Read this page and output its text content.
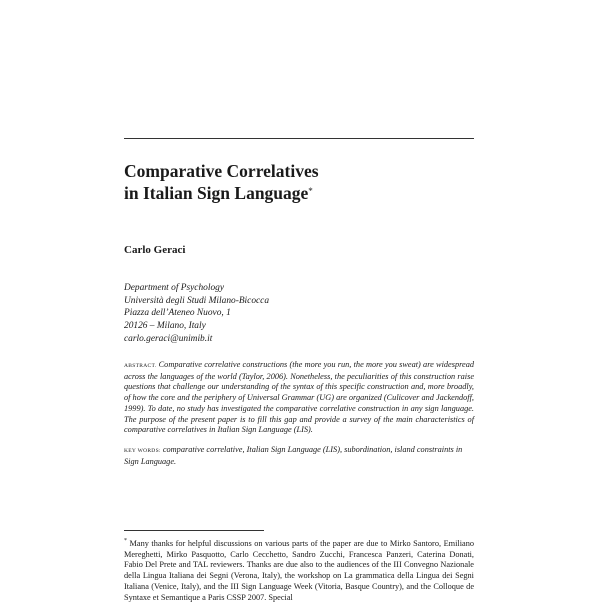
Comparative Correlatives
in Italian Sign Language*
Carlo Geraci
Department of Psychology
Università degli Studi Milano-Bicocca
Piazza dell’Ateneo Nuovo, 1
20126 – Milano, Italy
carlo.geraci@unimib.it
ABSTRACT. Comparative correlative constructions (the more you run, the more you sweat) are widespread across the languages of the world (Taylor, 2006). Nonetheless, the peculiarities of this construction raise questions that challenge our understanding of the syntax of this specific construction and, more broadly, of how the core and the periphery of Universal Grammar (UG) are organized (Culicover and Jackendoff, 1999). To date, no study has investigated the comparative correlative construction in any sign language. The purpose of the present paper is to fill this gap and provide a survey of the main characteristics of comparative correlatives in Italian Sign Language (LIS).
KEY WORDS: comparative correlative, Italian Sign Language (LIS), subordination, island constraints in Sign Language.
* Many thanks for helpful discussions on various parts of the paper are due to Mirko Santoro, Emiliano Mereghetti, Mirko Pasquotto, Carlo Cecchetto, Sandro Zucchi, Francesca Panzeri, Caterina Donati, Fabio Del Prete and TAL reviewers. Thanks are due also to the audiences of the III Convegno Nazionale della Lingua Italiana dei Segni (Verona, Italy), the workshop on La grammatica della Lingua dei Segni Italiana (Venice, Italy), and the III Sign Language Week (Vitoria, Basque Country), and the Colloque de Syntaxe et Semantique a Paris CSSP 2007. Special
